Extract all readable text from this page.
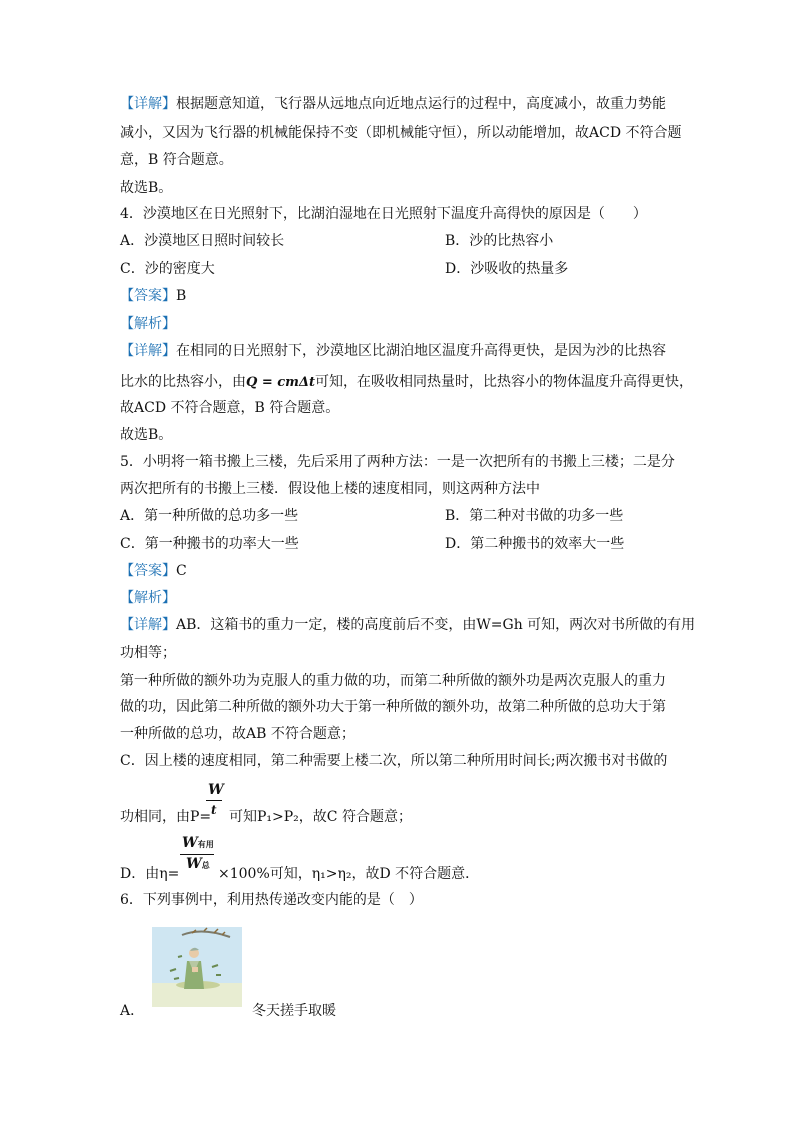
【详解】根据题意知道，飞行器从远地点向近地点运行的过程中，高度减小，故重力势能
减小，又因为飞行器的机械能保持不变（即机械能守恒），所以动能增加，故ACD 不符合题
意，B 符合题意。
故选B。
4．沙漠地区在日光照射下，比湖泊湿地在日光照射下温度升高得快的原因是（　　）
A．沙漠地区日照时间较长	B．沙的比热容小
C．沙的密度大	D．沙吸收的热量多
【答案】B
【解析】
【详解】在相同的日光照射下，沙漠地区比湖泊地区温度升高得更快，是因为沙的比热容
比水的比热容小，由Q = cmΔt可知，在吸收相同热量时，比热容小的物体温度升高得更快，
故ACD 不符合题意，B 符合题意。
故选B。
5．小明将一箱书搬上三楼，先后采用了两种方法：一是一次把所有的书搬上三楼；二是分
两次把所有的书搬上三楼．假设他上楼的速度相同，则这两种方法中
A．第一种所做的总功多一些	B．第二种对书做的功多一些
C．第一种搬书的功率大一些	D．第二种搬书的效率大一些
【答案】C
【解析】
【详解】AB．这箱书的重力一定，楼的高度前后不变，由W=Gh 可知，两次对书所做的有用
功相等；
第一种所做的额外功为克服人的重力做的功，而第二种所做的额外功是两次克服人的重力
做的功，因此第二种所做的额外功大于第一种所做的额外功，故第二种所做的总功大于第
一种所做的总功，故AB 不符合题意；
C．因上楼的速度相同，第二种需要上楼二次，所以第二种所用时间长;两次搬书对书做的
W
t
功相同，由P= 可知P₁>P₂，故C 符合题意；
W有用
W总
D．由η=	×100%可知，η₁>η₂，故D 不符合题意．
6．下列事例中，利用热传递改变内能的是（　）
A．	冬天搓手取暖
